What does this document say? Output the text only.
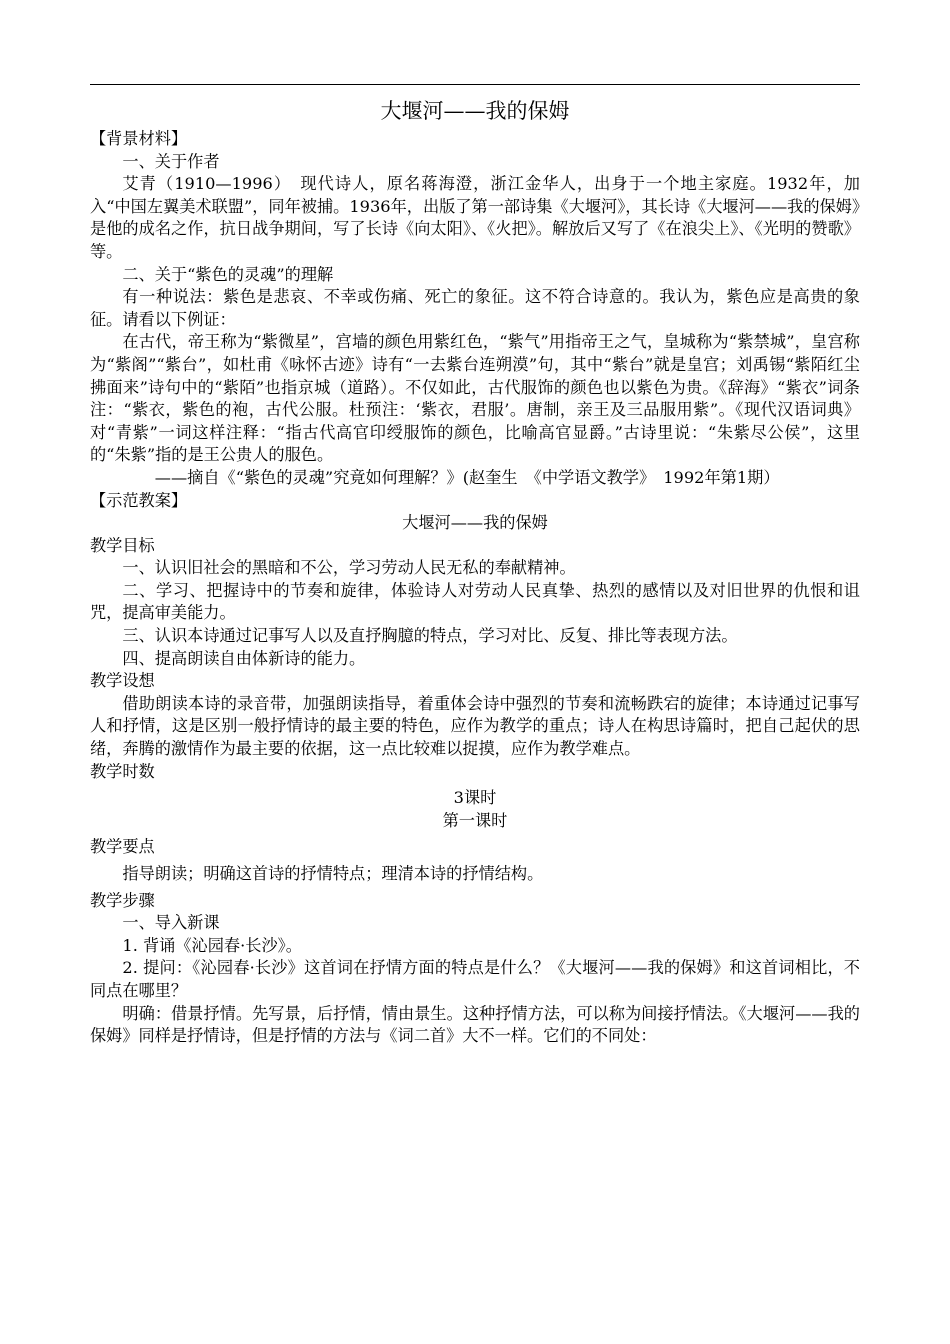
大堰河——我的保姆

【背景材料】

一、关于作者

艾青（1910—1996）　现代诗人，原名蒋海澄，浙江金华人，出身于一个地主家庭。1932年，加入“中国左翼美术联盟”，同年被捕。1936年，出版了第一部诗集《大堰河》，其长诗《大堰河——我的保姆》是他的成名之作，抗日战争期间，写了长诗《向太阳》、《火把》。解放后又写了《在浪尖上》、《光明的赞歌》等。

二、关于“紫色的灵魂”的理解

有一种说法：紫色是悲哀、不幸或伤痛、死亡的象征。这不符合诗意的。我认为，紫色应是高贵的象征。请看以下例证：

在古代，帝王称为“紫微星”，宫墙的颜色用紫红色，“紫气”用指帝王之气，皇城称为“紫禁城”，皇宫称为“紫阁”“紫台”，如杜甫《咏怀古迹》诗有“一去紫台连朔漠”句，其中“紫台”就是皇宫；刘禹锡“紫陌红尘拂面来”诗句中的“紫陌”也指京城（道路）。不仅如此，古代服饰的颜色也以紫色为贵。《辞海》“紫衣”词条注：“紫衣，紫色的袍，古代公服。杜预注：‘紫衣，君服’。唐制，亲王及三品服用紫”。《现代汉语词典》对“青紫”一词这样注释：“指古代高官印绶服饰的颜色，比喻高官显爵。”古诗里说：“朱紫尽公侯”，这里的“朱紫”指的是王公贵人的服色。

——摘自《“紫色的灵魂”究竟如何理解？》(赵奎生　《中学语文教学》　1992年第1期）

【示范教案】

大堰河——我的保姆

教学目标

一、认识旧社会的黑暗和不公，学习劳动人民无私的奉献精神。

二、学习、把握诗中的节奏和旋律，体验诗人对劳动人民真挚、热烈的感情以及对旧世界的仇恨和诅咒，提高审美能力。

三、认识本诗通过记事写人以及直抒胸臆的特点，学习对比、反复、排比等表现方法。

四、提高朗读自由体新诗的能力。

教学设想

借助朗读本诗的录音带，加强朗读指导，着重体会诗中强烈的节奏和流畅跌宕的旋律；本诗通过记事写人和抒情，这是区别一般抒情诗的最主要的特色，应作为教学的重点；诗人在构思诗篇时，把自己起伏的思绪，奔腾的激情作为最主要的依据，这一点比较难以捉摸，应作为教学难点。

教学时数

3课时

第一课时

教学要点

指导朗读；明确这首诗的抒情特点；理清本诗的抒情结构。

教学步骤

一、导入新课

1. 背诵《沁园春·长沙》。

2. 提问：《沁园春·长沙》这首词在抒情方面的特点是什么？《大堰河——我的保姆》和这首词相比，不同点在哪里？

明确：借景抒情。先写景，后抒情，情由景生。这种抒情方法，可以称为间接抒情法。《大堰河——我的保姆》同样是抒情诗，但是抒情的方法与《词二首》大不一样。它们的不同处：
